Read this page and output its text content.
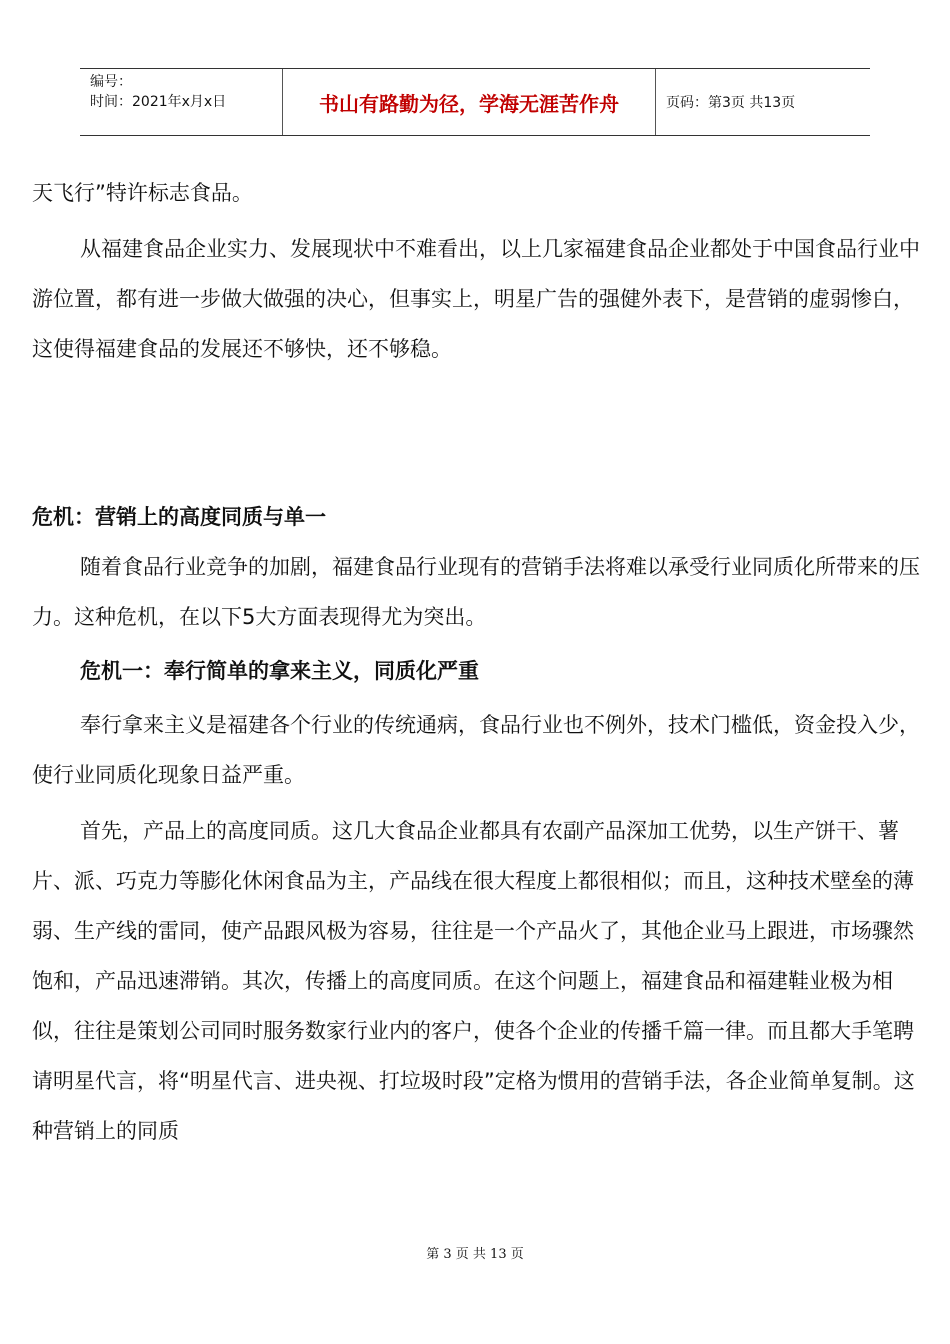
编号：
时间：2021年x月x日	书山有路勤为径，学海无涯苦作舟	页码：第3页 共13页

天飞行”特许标志食品。

从福建食品企业实力、发展现状中不难看出，以上几家福建食品企业都处于中国食品行业中游位置，都有进一步做大做强的决心，但事实上，明星广告的强健外表下，是营销的虚弱惨白，这使得福建食品的发展还不够快，还不够稳。

危机：营销上的高度同质与单一

随着食品行业竞争的加剧，福建食品行业现有的营销手法将难以承受行业同质化所带来的压力。这种危机，在以下5大方面表现得尤为突出。

危机一：奉行简单的拿来主义，同质化严重

奉行拿来主义是福建各个行业的传统通病，食品行业也不例外，技术门槛低，资金投入少，使行业同质化现象日益严重。

首先，产品上的高度同质。这几大食品企业都具有农副产品深加工优势，以生产饼干、薯片、派、巧克力等膨化休闲食品为主，产品线在很大程度上都很相似；而且，这种技术壁垒的薄弱、生产线的雷同，使产品跟风极为容易，往往是一个产品火了，其他企业马上跟进，市场骤然饱和，产品迅速滞销。其次，传播上的高度同质。在这个问题上，福建食品和福建鞋业极为相似，往往是策划公司同时服务数家行业内的客户，使各个企业的传播千篇一律。而且都大手笔聘请明星代言，将“明星代言、进央视、打垃圾时段”定格为惯用的营销手法，各企业简单复制。这种营销上的同质

第 3 页 共 13 页
